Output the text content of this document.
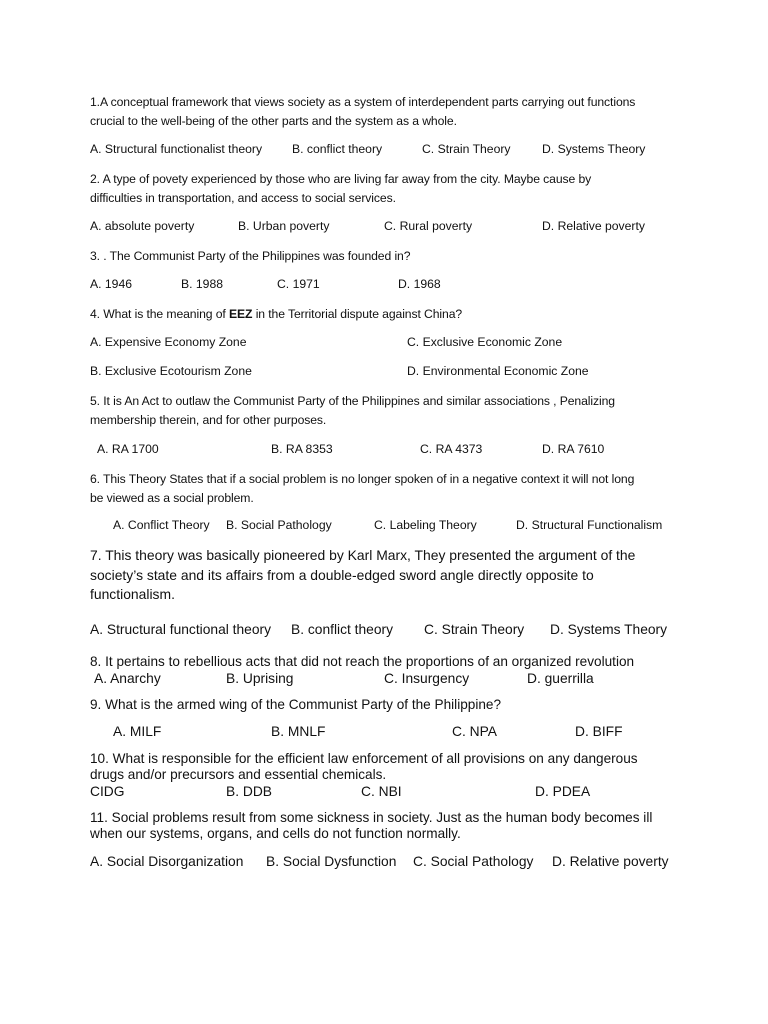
1.A conceptual framework that views society as a system of interdependent parts carrying out functions
crucial to the well-being of the other parts and the system as a whole.
A. Structural functionalist theory B. conflict theory	C. Strain Theory	D. Systems Theory
2. A type of povety experienced by those who are living far away from the city. Maybe cause by
difficulties in transportation, and access to social services.
A. absolute poverty	B. Urban poverty	C. Rural poverty	D. Relative poverty
3. . The Communist Party of the Philippines was founded in?
A. 1946	B. 1988	C. 1971	D. 1968
4. What is the meaning of EEZ in the Territorial dispute against China?
A. Expensive Economy Zone	C. Exclusive Economic Zone
B. Exclusive Ecotourism Zone	D. Environmental Economic Zone
5. It is An Act to outlaw the Communist Party of the Philippines and similar associations , Penalizing
membership therein, and for other purposes.
A. RA 1700	B. RA 8353	C. RA 4373	D. RA 7610
6. This Theory States that if a social problem is no longer spoken of in a negative context it will not long
be viewed as a social problem.
A. Conflict Theory B. Social Pathology	C. Labeling Theory	D. Structural Functionalism
7. This theory was basically pioneered by Karl Marx, They presented the argument of the
society’s state and its affairs from a double-edged sword angle directly opposite to
functionalism.
A. Structural functional theory B. conflict theory C. Strain Theory D. Systems Theory
8. It pertains to rebellious acts that did not reach the proportions of an organized revolution
A. Anarchy	B. Uprising	C. Insurgency	D. guerrilla
9. What is the armed wing of the Communist Party of the Philippine?
A. MILF	B. MNLF	C. NPA	D. BIFF
10. What is responsible for the efficient law enforcement of all provisions on any dangerous
drugs and/or precursors and essential chemicals.
CIDG	B. DDB	C. NBI	D. PDEA
11. Social problems result from some sickness in society. Just as the human body becomes ill
when our systems, organs, and cells do not function normally.
A. Social Disorganization B. Social Dysfunction C. Social Pathology D. Relative poverty
